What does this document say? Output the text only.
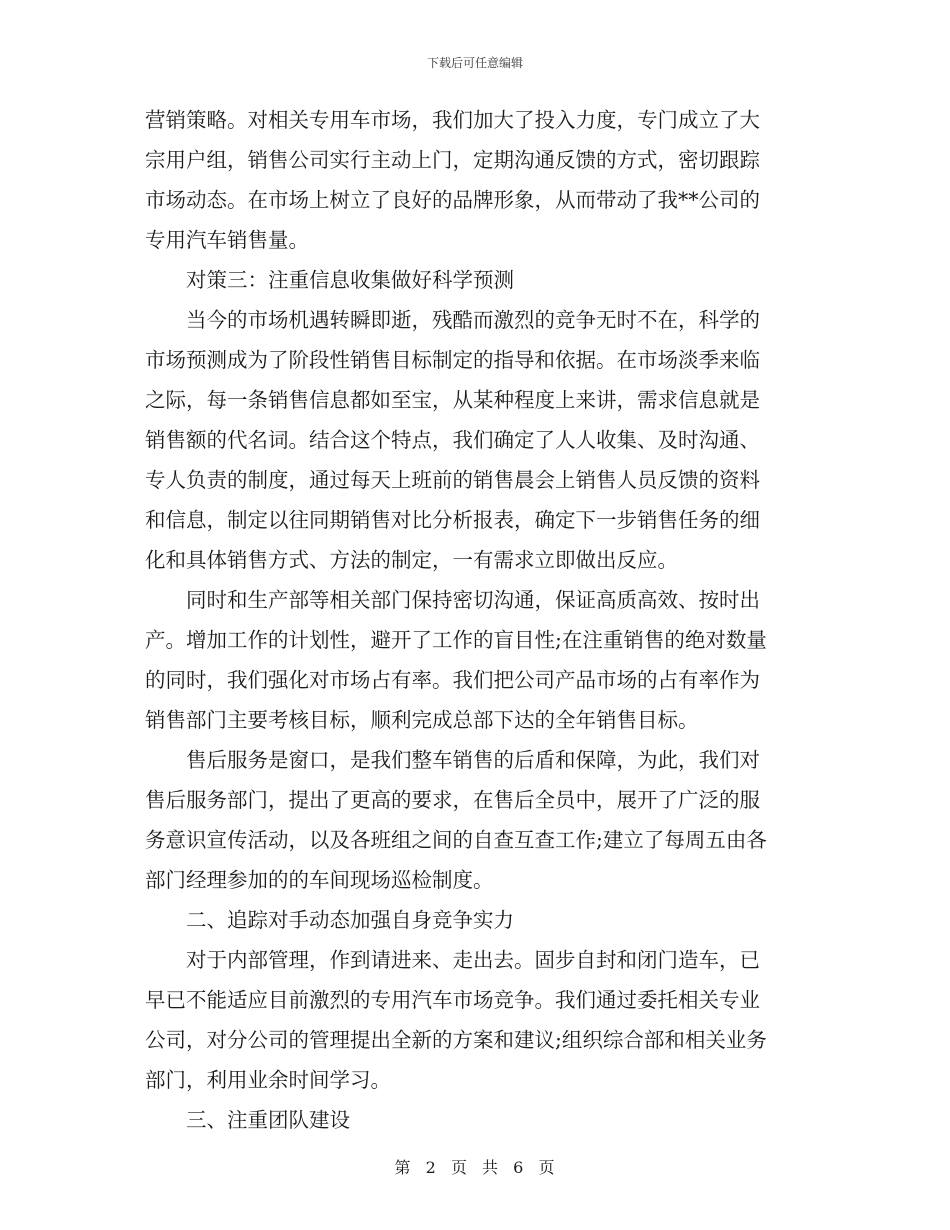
下载后可任意编辑
营销策略。对相关专用车市场，我们加大了投入力度，专门成立了大
宗用户组，销售公司实行主动上门，定期沟通反馈的方式，密切跟踪
市场动态。在市场上树立了良好的品牌形象，从而带动了我**公司的
专用汽车销售量。
对策三：注重信息收集做好科学预测
当今的市场机遇转瞬即逝，残酷而激烈的竞争无时不在，科学的
市场预测成为了阶段性销售目标制定的指导和依据。在市场淡季来临
之际，每一条销售信息都如至宝，从某种程度上来讲，需求信息就是
销售额的代名词。结合这个特点，我们确定了人人收集、及时沟通、
专人负责的制度，通过每天上班前的销售晨会上销售人员反馈的资料
和信息，制定以往同期销售对比分析报表，确定下一步销售任务的细
化和具体销售方式、方法的制定，一有需求立即做出反应。
同时和生产部等相关部门保持密切沟通，保证高质高效、按时出
产。增加工作的计划性，避开了工作的盲目性;在注重销售的绝对数量
的同时，我们强化对市场占有率。我们把公司产品市场的占有率作为
销售部门主要考核目标，顺利完成总部下达的全年销售目标。
售后服务是窗口，是我们整车销售的后盾和保障，为此，我们对
售后服务部门，提出了更高的要求，在售后全员中，展开了广泛的服
务意识宣传活动，以及各班组之间的自查互查工作;建立了每周五由各
部门经理参加的的车间现场巡检制度。
二、追踪对手动态加强自身竞争实力
对于内部管理，作到请进来、走出去。固步自封和闭门造车，已
早已不能适应目前激烈的专用汽车市场竞争。我们通过委托相关专业
公司，对分公司的管理提出全新的方案和建议;组织综合部和相关业务
部门，利用业余时间学习。
三、注重团队建设
第 2 页 共 6 页
